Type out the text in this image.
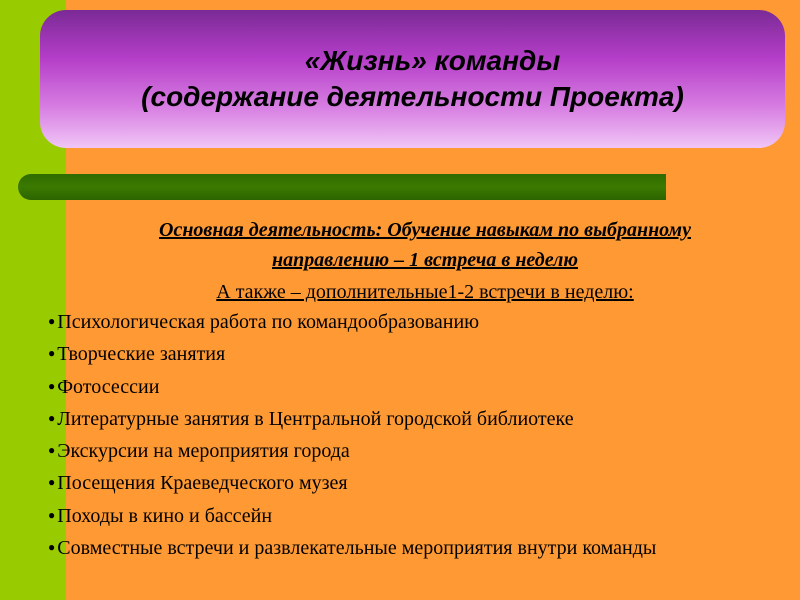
«Жизнь» команды
(содержание деятельности Проекта)
Основная деятельность: Обучение навыкам по выбранному
направлению – 1 встреча в неделю
А также – дополнительные1-2 встречи в неделю:
● Психологическая работа по командообразованию
● Творческие занятия
● Фотосессии
● Литературные занятия в Центральной городской библиотеке
● Экскурсии на мероприятия города
● Посещения Краеведческого музея
● Походы в кино и бассейн
● Совместные встречи и развлекательные мероприятия внутри команды
